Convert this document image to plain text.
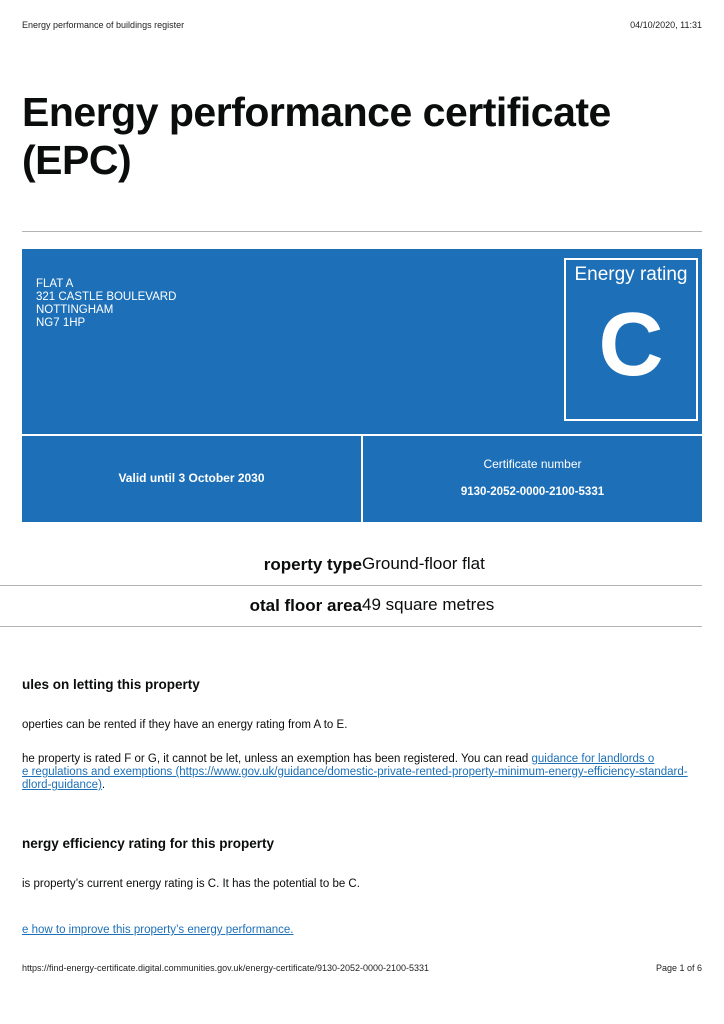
Energy performance of buildings register	04/10/2020, 11:31
Energy performance certificate
(EPC)
FLAT A
321 CASTLE BOULEVARD
NOTTINGHAM
NG7 1HP
Energy rating
C
Valid until 3 October 2030
Certificate number
9130-2052-0000-2100-5331
roperty type Ground-floor flat
otal floor area 49 square metres
ules on letting this property
operties can be rented if they have an energy rating from A to E.
he property is rated F or G, it cannot be let, unless an exemption has been registered. You can read guidance for landlords o
e regulations and exemptions (https://www.gov.uk/guidance/domestic-private-rented-property-minimum-energy-efficiency-standard-
dlord-guidance).
nergy efficiency rating for this property
is property’s current energy rating is C. It has the potential to be C.
e how to improve this property’s energy performance.
https://find-energy-certificate.digital.communities.gov.uk/energy-certificate/9130-2052-0000-2100-5331	Page 1 of 6
